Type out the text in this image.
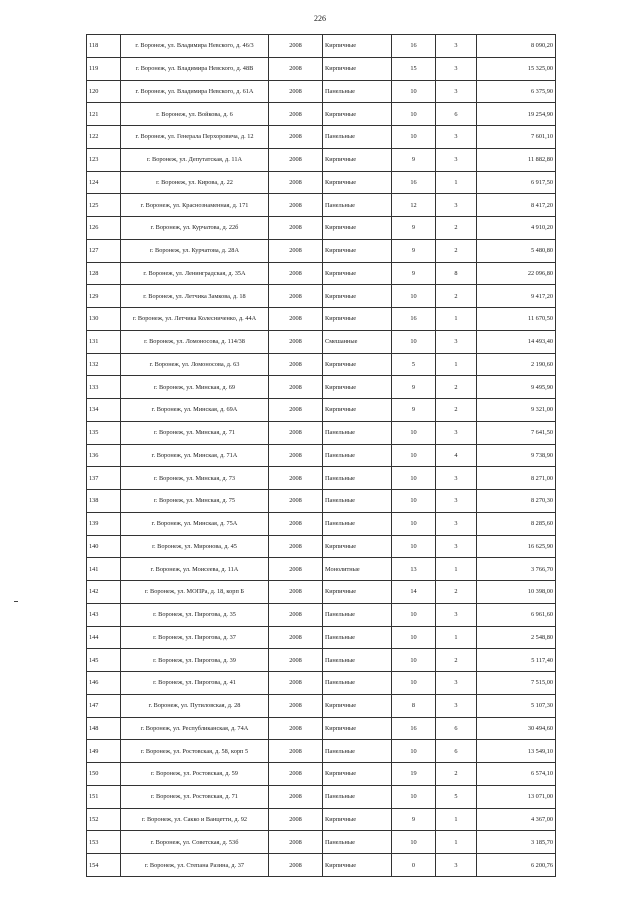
226
118	г. Воронеж, ул. Владимира Невского, д. 46/3	2008	Кирпичные	16	3	8 090,20
119	г. Воронеж, ул. Владимира Невского, д. 48В	2008	Кирпичные	15	3	15 325,00
120	г. Воронеж, ул. Владимира Невского, д. 61А	2008	Панельные	10	3	6 375,90
121	г. Воронеж, ул. Войкова, д. 6	2008	Кирпичные	10	6	19 254,90
122	г. Воронеж, ул. Генерала Перхоровича, д. 12	2008	Панельные	10	3	7 601,10
123	г. Воронеж, ул. Депутатская, д. 11А	2008	Кирпичные	9	3	11 882,80
124	г. Воронеж, ул. Кирова, д. 22	2008	Кирпичные	16	1	6 917,50
125	г. Воронеж, ул. Краснознаменная, д. 171	2008	Панельные	12	3	8 417,20
126	г. Воронеж, ул. Курчатова, д. 22б	2008	Кирпичные	9	2	4 910,20
127	г. Воронеж, ул. Курчатова, д. 28А	2008	Кирпичные	9	2	5 480,80
128	г. Воронеж, ул. Ленинградская, д. 35А	2008	Кирпичные	9	8	22 096,80
129	г. Воронеж, ул. Летчика Замкова, д. 18	2008	Кирпичные	10	2	9 417,20
130	г. Воронеж, ул. Летчика Колесниченко, д. 44А	2008	Кирпичные	16	1	11 670,50
131	г. Воронеж, ул. Ломоносова, д. 114/38	2008	Смешанные	10	3	14 493,40
132	г. Воронеж, ул. Ломоносова, д. 63	2008	Кирпичные	5	1	2 190,60
133	г. Воронеж, ул. Минская, д. 69	2008	Кирпичные	9	2	9 495,90
134	г. Воронеж, ул. Минская, д. 69А	2008	Кирпичные	9	2	9 321,00
135	г. Воронеж, ул. Минская, д. 71	2008	Панельные	10	3	7 641,50
136	г. Воронеж, ул. Минская, д. 71А	2008	Панельные	10	4	9 738,90
137	г. Воронеж, ул. Минская, д. 73	2008	Панельные	10	3	8 271,00
138	г. Воронеж, ул. Минская, д. 75	2008	Панельные	10	3	8 270,30
139	г. Воронеж, ул. Минская, д. 75А	2008	Панельные	10	3	8 285,60
140	г. Воронеж, ул. Миронова, д. 45	2008	Кирпичные	10	3	16 625,90
141	г. Воронеж, ул. Моисеева, д. 11А	2008	Монолитные	13	1	3 766,70
142	г. Воронеж, ул. МОПРа, д. 18, корп Б	2008	Кирпичные	14	2	10 398,00
143	г. Воронеж, ул. Пирогова, д. 35	2008	Панельные	10	3	6 961,60
144	г. Воронеж, ул. Пирогова, д. 37	2008	Панельные	10	1	2 548,80
145	г. Воронеж, ул. Пирогова, д. 39	2008	Панельные	10	2	5 117,40
146	г. Воронеж, ул. Пирогова, д. 41	2008	Панельные	10	3	7 515,00
147	г. Воронеж, ул. Путиловская, д. 28	2008	Кирпичные	8	3	5 107,30
148	г. Воронеж, ул. Республиканская, д. 74А	2008	Кирпичные	16	6	30 494,60
149	г. Воронеж, ул. Ростовская, д. 58, корп 5	2008	Панельные	10	6	13 549,10
150	г. Воронеж, ул. Ростовская, д. 59	2008	Кирпичные	19	2	6 574,10
151	г. Воронеж, ул. Ростовская, д. 71	2008	Панельные	10	5	13 071,00
152	г. Воронеж, ул. Сакко и Ванцетти, д. 92	2008	Кирпичные	9	1	4 367,00
153	г. Воронеж, ул. Советская, д. 53б	2008	Панельные	10	1	3 185,70
154	г. Воронеж, ул. Степана Разина, д. 37	2008	Кирпичные	0	3	6 200,76
